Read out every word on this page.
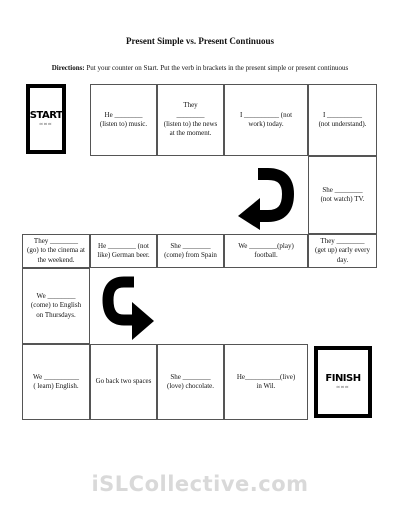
Present Simple vs. Present Continuous
Directions: Put your counter on Start. Put the verb in brackets in the present simple or present continuous
START
≈≈≈
He ________
(listen to) music.
They
________
(listen to) the news
at the moment.
I __________ (not
work) today.
I __________
(not understand).
She ________
(not watch) TV.
They ________
(go) to the cinema at
the weekend.
He ________ (not
like) German beer.
She ________
(come) from Spain
We ________(play)
football.
They ________
(get up) early every
day.
We ________
(come) to English
on Thursdays.
We __________
( learn) English.
Go back two spaces
She ________
(love) chocolate.
He__________(live)
in Wil.
FINISH
≈≈≈
iSLCollective.com
